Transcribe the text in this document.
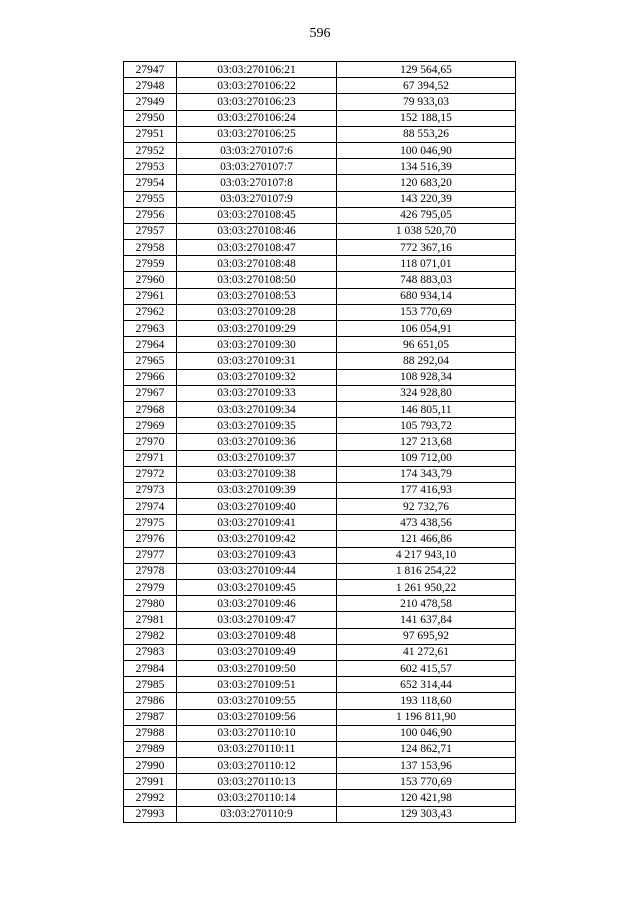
596
27947	03:03:270106:21	129 564,65
27948	03:03:270106:22	67 394,52
27949	03:03:270106:23	79 933,03
27950	03:03:270106:24	152 188,15
27951	03:03:270106:25	88 553,26
27952	03:03:270107:6	100 046,90
27953	03:03:270107:7	134 516,39
27954	03:03:270107:8	120 683,20
27955	03:03:270107:9	143 220,39
27956	03:03:270108:45	426 795,05
27957	03:03:270108:46	1 038 520,70
27958	03:03:270108:47	772 367,16
27959	03:03:270108:48	118 071,01
27960	03:03:270108:50	748 883,03
27961	03:03:270108:53	680 934,14
27962	03:03:270109:28	153 770,69
27963	03:03:270109:29	106 054,91
27964	03:03:270109:30	96 651,05
27965	03:03:270109:31	88 292,04
27966	03:03:270109:32	108 928,34
27967	03:03:270109:33	324 928,80
27968	03:03:270109:34	146 805,11
27969	03:03:270109:35	105 793,72
27970	03:03:270109:36	127 213,68
27971	03:03:270109:37	109 712,00
27972	03:03:270109:38	174 343,79
27973	03:03:270109:39	177 416,93
27974	03:03:270109:40	92 732,76
27975	03:03:270109:41	473 438,56
27976	03:03:270109:42	121 466,86
27977	03:03:270109:43	4 217 943,10
27978	03:03:270109:44	1 816 254,22
27979	03:03:270109:45	1 261 950,22
27980	03:03:270109:46	210 478,58
27981	03:03:270109:47	141 637,84
27982	03:03:270109:48	97 695,92
27983	03:03:270109:49	41 272,61
27984	03:03:270109:50	602 415,57
27985	03:03:270109:51	652 314,44
27986	03:03:270109:55	193 118,60
27987	03:03:270109:56	1 196 811,90
27988	03:03:270110:10	100 046,90
27989	03:03:270110:11	124 862,71
27990	03:03:270110:12	137 153,96
27991	03:03:270110:13	153 770,69
27992	03:03:270110:14	120 421,98
27993	03:03:270110:9	129 303,43
